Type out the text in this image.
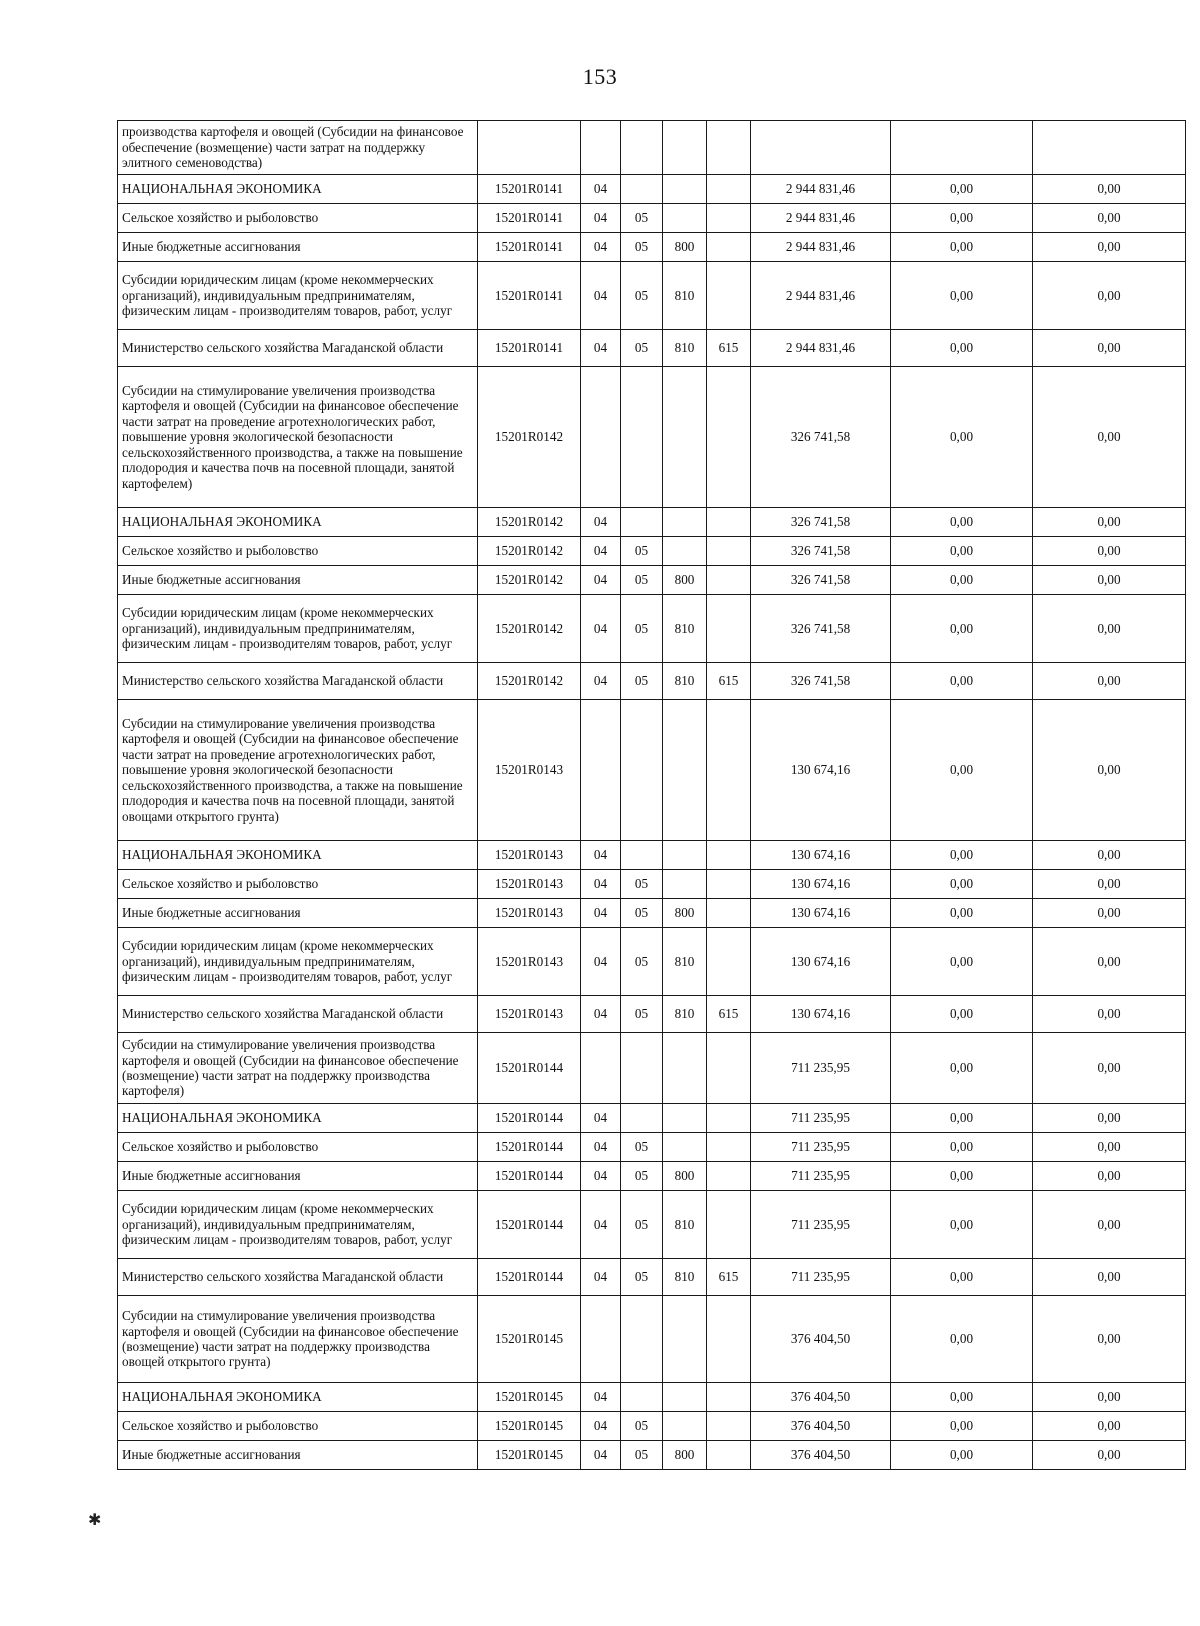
153
производства картофеля и овощей (Субсидии на финансовое обеспечение (возмещение) части затрат на поддержку элитного семеноводства)								
НАЦИОНАЛЬНАЯ ЭКОНОМИКА	15201R0141	04				2 944 831,46	0,00	0,00
Сельское хозяйство и рыболовство	15201R0141	04	05			2 944 831,46	0,00	0,00
Иные бюджетные ассигнования	15201R0141	04	05	800		2 944 831,46	0,00	0,00
Субсидии юридическим лицам (кроме некоммерческих организаций), индивидуальным предпринимателям, физическим лицам - производителям товаров, работ, услуг	15201R0141	04	05	810		2 944 831,46	0,00	0,00
Министерство сельского хозяйства Магаданской области	15201R0141	04	05	810	615	2 944 831,46	0,00	0,00
Субсидии на стимулирование увеличения производства картофеля и овощей (Субсидии на финансовое обеспечение части затрат на проведение агротехнологических работ, повышение уровня экологической безопасности сельскохозяйственного производства, а также на повышение плодородия и качества почв на посевной площади, занятой картофелем)	15201R0142					326 741,58	0,00	0,00
НАЦИОНАЛЬНАЯ ЭКОНОМИКА	15201R0142	04				326 741,58	0,00	0,00
Сельское хозяйство и рыболовство	15201R0142	04	05			326 741,58	0,00	0,00
Иные бюджетные ассигнования	15201R0142	04	05	800		326 741,58	0,00	0,00
Субсидии юридическим лицам (кроме некоммерческих организаций), индивидуальным предпринимателям, физическим лицам - производителям товаров, работ, услуг	15201R0142	04	05	810		326 741,58	0,00	0,00
Министерство сельского хозяйства Магаданской области	15201R0142	04	05	810	615	326 741,58	0,00	0,00
Субсидии на стимулирование увеличения производства картофеля и овощей (Субсидии на финансовое обеспечение части затрат на проведение агротехнологических работ, повышение уровня экологической безопасности сельскохозяйственного производства, а также на повышение плодородия и качества почв на посевной площади, занятой овощами открытого грунта)	15201R0143					130 674,16	0,00	0,00
НАЦИОНАЛЬНАЯ ЭКОНОМИКА	15201R0143	04				130 674,16	0,00	0,00
Сельское хозяйство и рыболовство	15201R0143	04	05			130 674,16	0,00	0,00
Иные бюджетные ассигнования	15201R0143	04	05	800		130 674,16	0,00	0,00
Субсидии юридическим лицам (кроме некоммерческих организаций), индивидуальным предпринимателям, физическим лицам - производителям товаров, работ, услуг	15201R0143	04	05	810		130 674,16	0,00	0,00
Министерство сельского хозяйства Магаданской области	15201R0143	04	05	810	615	130 674,16	0,00	0,00
Субсидии на стимулирование увеличения производства картофеля и овощей (Субсидии на финансовое обеспечение (возмещение) части затрат на поддержку производства картофеля)	15201R0144					711 235,95	0,00	0,00
НАЦИОНАЛЬНАЯ ЭКОНОМИКА	15201R0144	04				711 235,95	0,00	0,00
Сельское хозяйство и рыболовство	15201R0144	04	05			711 235,95	0,00	0,00
Иные бюджетные ассигнования	15201R0144	04	05	800		711 235,95	0,00	0,00
Субсидии юридическим лицам (кроме некоммерческих организаций), индивидуальным предпринимателям, физическим лицам - производителям товаров, работ, услуг	15201R0144	04	05	810		711 235,95	0,00	0,00
Министерство сельского хозяйства Магаданской области	15201R0144	04	05	810	615	711 235,95	0,00	0,00
Субсидии на стимулирование увеличения производства картофеля и овощей (Субсидии на финансовое обеспечение (возмещение) части затрат на поддержку производства овощей открытого грунта)	15201R0145					376 404,50	0,00	0,00
НАЦИОНАЛЬНАЯ ЭКОНОМИКА	15201R0145	04				376 404,50	0,00	0,00
Сельское хозяйство и рыболовство	15201R0145	04	05			376 404,50	0,00	0,00
Иные бюджетные ассигнования	15201R0145	04	05	800		376 404,50	0,00	0,00
✱
